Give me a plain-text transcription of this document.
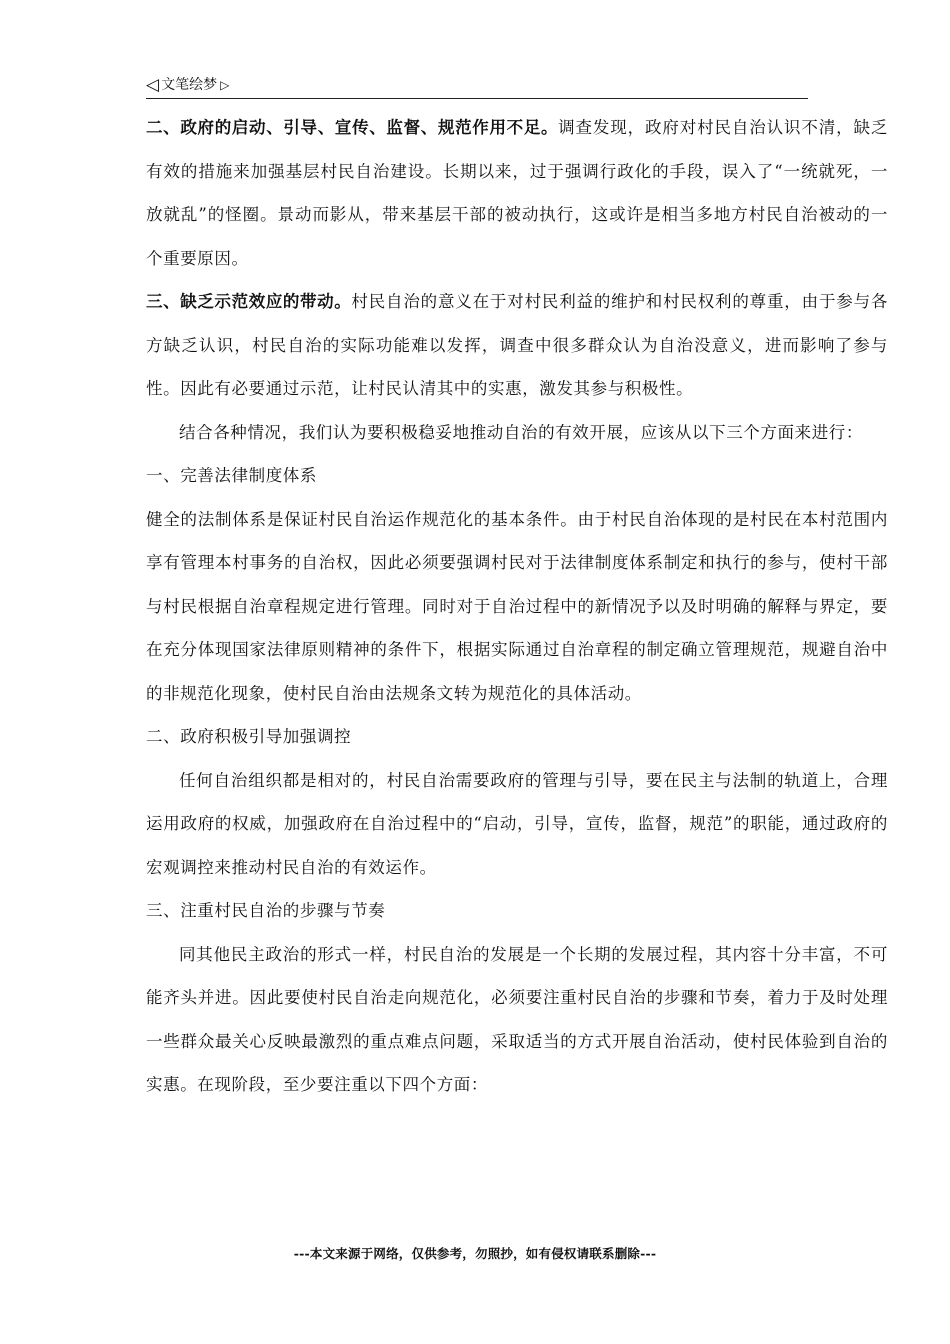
◁ 文笔绘梦 ▷

二、政府的启动、引导、宣传、监督、规范作用不足。调查发现，政府对村民自治认识不清，缺乏有效的措施来加强基层村民自治建设。长期以来，过于强调行政化的手段，误入了“一统就死，一放就乱”的怪圈。景动而影从，带来基层干部的被动执行，这或许是相当多地方村民自治被动的一个重要原因。

三、缺乏示范效应的带动。村民自治的意义在于对村民利益的维护和村民权利的尊重，由于参与各方缺乏认识，村民自治的实际功能难以发挥，调查中很多群众认为自治没意义，进而影响了参与性。因此有必要通过示范，让村民认清其中的实惠，激发其参与积极性。

结合各种情况，我们认为要积极稳妥地推动自治的有效开展，应该从以下三个方面来进行：

一、完善法律制度体系

健全的法制体系是保证村民自治运作规范化的基本条件。由于村民自治体现的是村民在本村范围内享有管理本村事务的自治权，因此必须要强调村民对于法律制度体系制定和执行的参与，使村干部与村民根据自治章程规定进行管理。同时对于自治过程中的新情况予以及时明确的解释与界定，要在充分体现国家法律原则精神的条件下，根据实际通过自治章程的制定确立管理规范，规避自治中的非规范化现象，使村民自治由法规条文转为规范化的具体活动。

二、政府积极引导加强调控

任何自治组织都是相对的，村民自治需要政府的管理与引导，要在民主与法制的轨道上，合理运用政府的权威，加强政府在自治过程中的“启动，引导，宣传，监督，规范”的职能，通过政府的宏观调控来推动村民自治的有效运作。

三、注重村民自治的步骤与节奏

同其他民主政治的形式一样，村民自治的发展是一个长期的发展过程，其内容十分丰富，不可能齐头并进。因此要使村民自治走向规范化，必须要注重村民自治的步骤和节奏，着力于及时处理一些群众最关心反映最激烈的重点难点问题，采取适当的方式开展自治活动，使村民体验到自治的实惠。在现阶段，至少要注重以下四个方面：

---本文来源于网络，仅供参考，勿照抄，如有侵权请联系删除---
